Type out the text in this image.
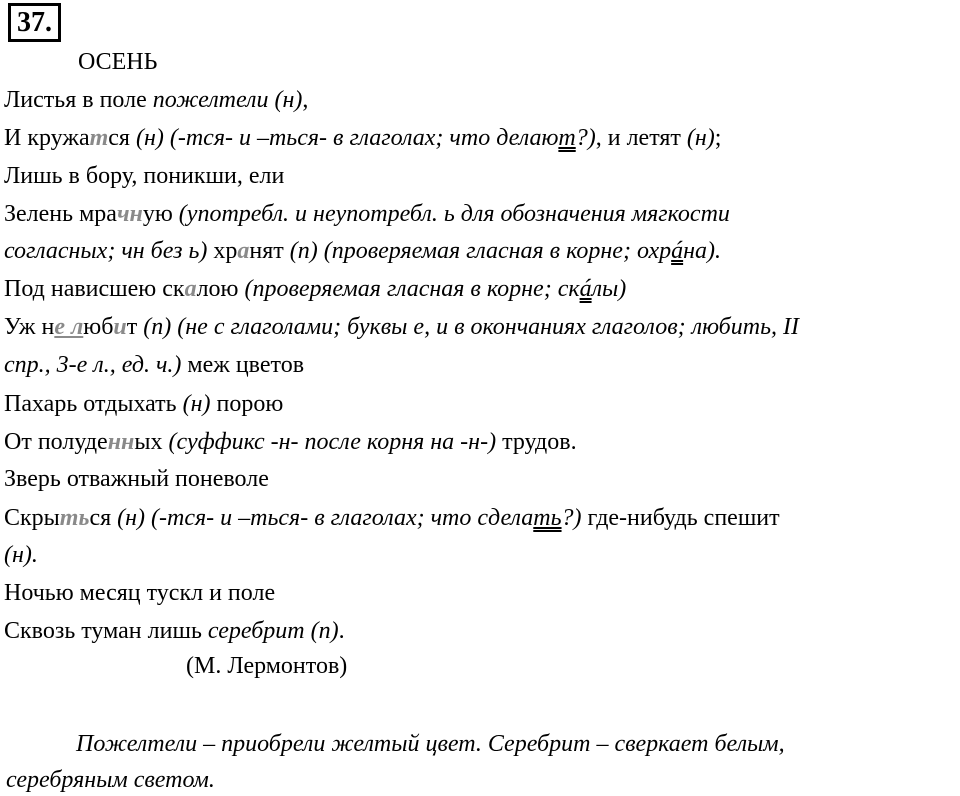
37.
ОСЕНЬ
Листья в поле пожелтели (н),
И кружатся (н) (-тся- и –ться- в глаголах; что делают?), и летят (н);
Лишь в бору, поникши, ели
Зелень мрачную (употребл. и неупотребл. ь для обозначения мягкости
согласных; чн без ь) хранят (п) (проверяемая гласная в корне; охрáна).
Под нависшею скалою (проверяемая гласная в корне; скáлы)
Уж не любит (п) (не с глаголами; буквы е, и в окончаниях глаголов; любить, II
спр., 3-е л., ед. ч.) меж цветов
Пахарь отдыхать (н) порою
От полуденных (суффикс -н- после корня на -н-) трудов.
Зверь отважный поневоле
Скрыться (н) (-тся- и –ться- в глаголах; что сделать?) где-нибудь спешит
(н).
Ночью месяц тускл и поле
Сквозь туман лишь серебрит (п).
(М. Лермонтов)
Пожелтели – приобрели желтый цвет. Серебрит – сверкает белым,
серебряным светом.
